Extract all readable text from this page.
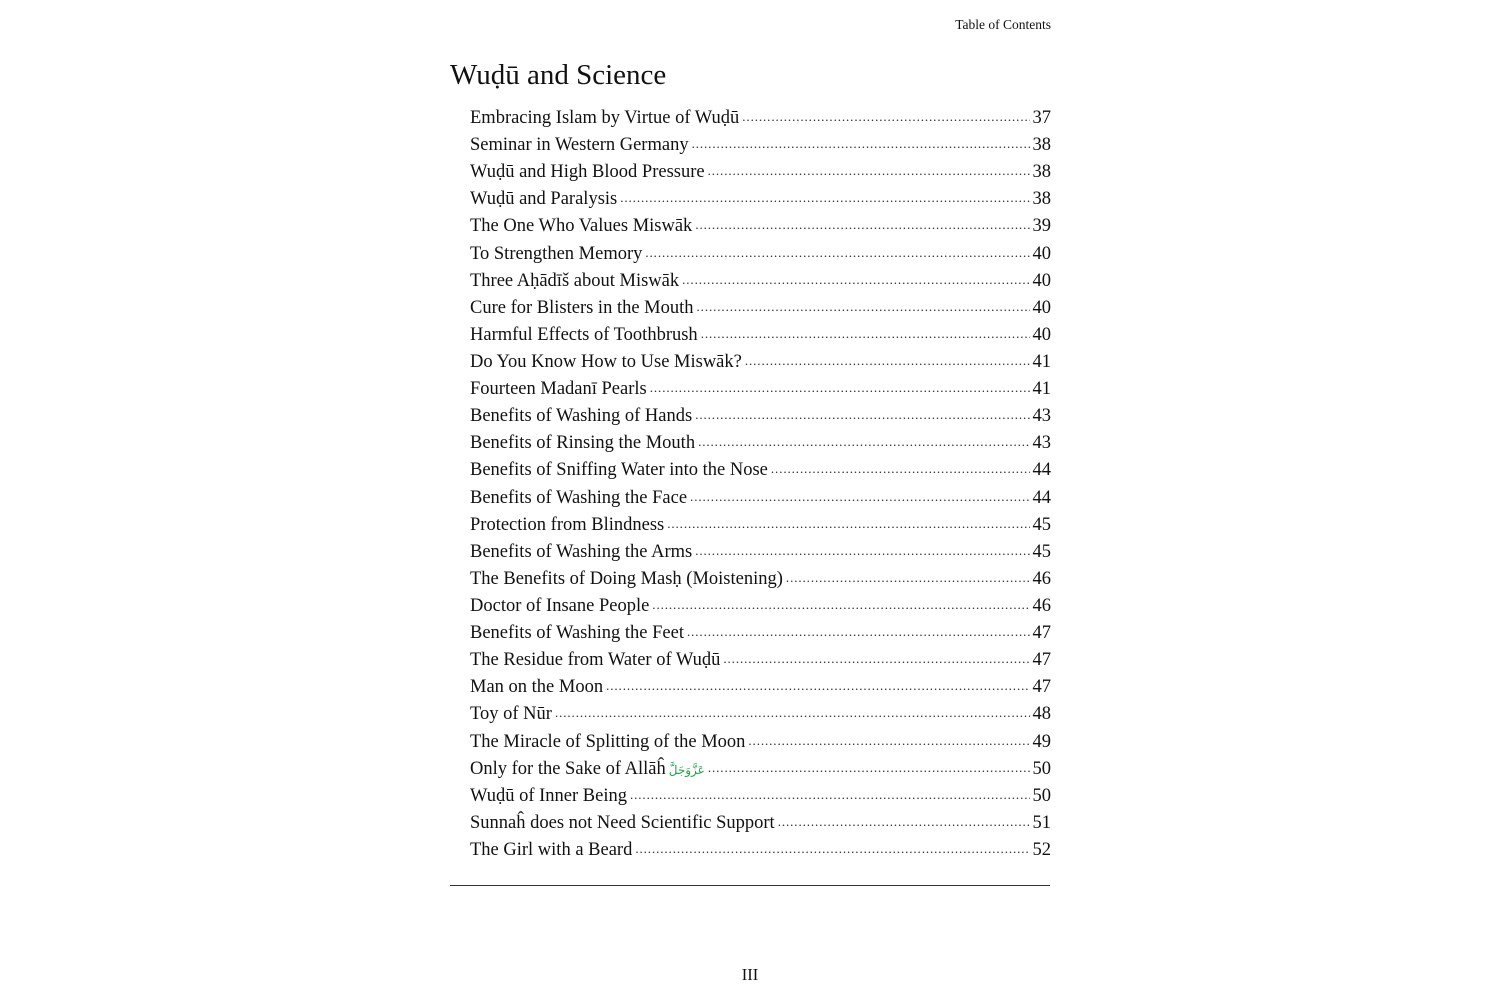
Table of Contents
Wuḍū and Science
Embracing Islam by Virtue of Wuḍū .....	37
Seminar in Western Germany .....	38
Wuḍū and High Blood Pressure .....	38
Wuḍū and Paralysis .....	38
The One Who Values Miswāk .....	39
To Strengthen Memory .....	40
Three Aḥādīš about Miswāk .....	40
Cure for Blisters in the Mouth .....	40
Harmful Effects of Toothbrush .....	40
Do You Know How to Use Miswāk? .....	41
Fourteen Madanī Pearls .....	41
Benefits of Washing of Hands .....	43
Benefits of Rinsing the Mouth .....	43
Benefits of Sniffing Water into the Nose .....	44
Benefits of Washing the Face .....	44
Protection from Blindness .....	45
Benefits of Washing the Arms .....	45
The Benefits of Doing Masḥ (Moistening) .....	46
Doctor of Insane People .....	46
Benefits of Washing the Feet .....	47
The Residue from Water of Wuḍū .....	47
Man on the Moon .....	47
Toy of Nūr .....	48
The Miracle of Splitting of the Moon .....	49
Only for the Sake of Allāĥ عَزَّوَجَلَّ .....	50
Wuḍū of Inner Being .....	50
Sunnaĥ does not Need Scientific Support .....	51
The Girl with a Beard .....	52
III
